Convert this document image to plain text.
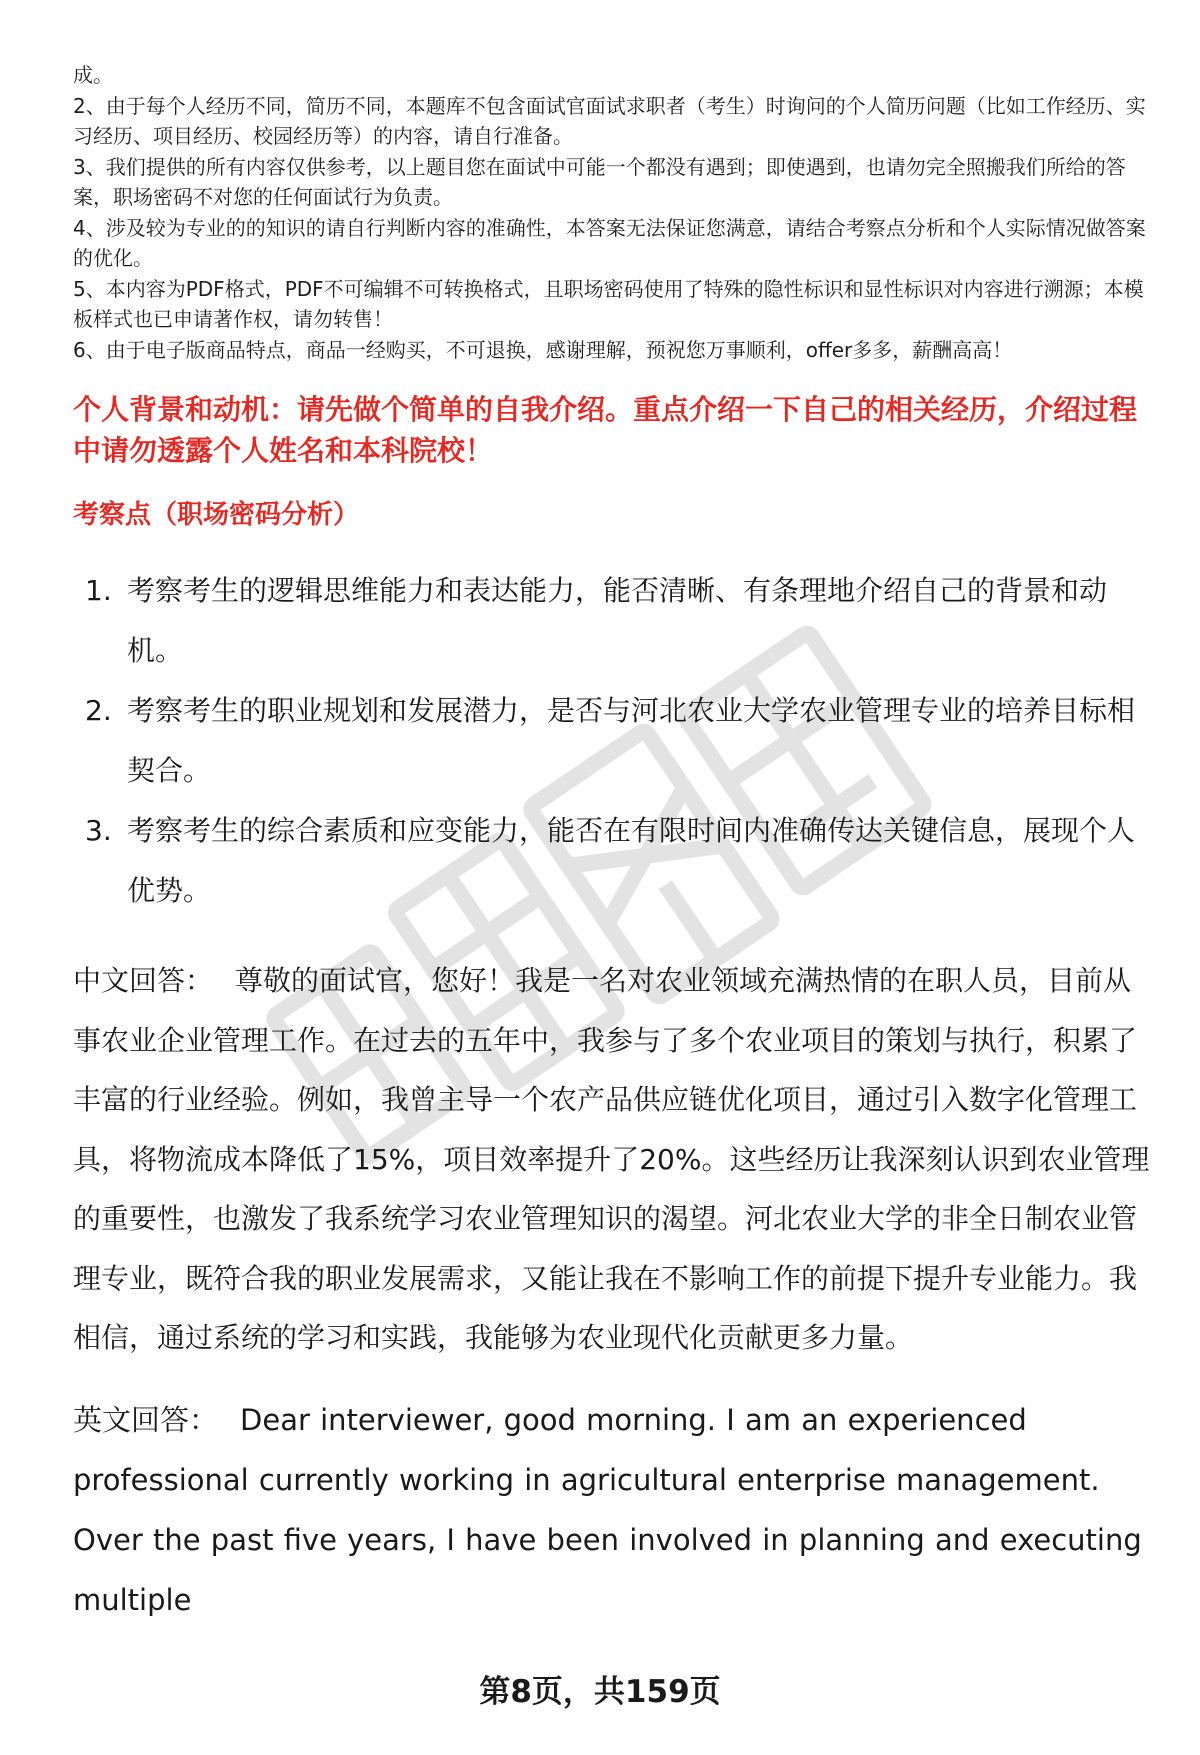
成。

2、由于每个人经历不同，简历不同，本题库不包含面试官面试求职者（考生）时询问的个人简历问题（比如工作经历、实习经历、项目经历、校园经历等）的内容，请自行准备。

3、我们提供的所有内容仅供参考，以上题目您在面试中可能一个都没有遇到；即使遇到，也请勿完全照搬我们所给的答案，职场密码不对您的任何面试行为负责。

4、涉及较为专业的的知识的请自行判断内容的准确性，本答案无法保证您满意，请结合考察点分析和个人实际情况做答案的优化。

5、本内容为PDF格式，PDF不可编辑不可转换格式，且职场密码使用了特殊的隐性标识和显性标识对内容进行溯源；本模板样式也已申请著作权，请勿转售！

6、由于电子版商品特点，商品一经购买，不可退换，感谢理解，预祝您万事顺利，offer多多，薪酬高高！

个人背景和动机：请先做个简单的自我介绍。重点介绍一下自己的相关经历，介绍过程中请勿透露个人姓名和本科院校！
考察点（职场密码分析）
1. 考察考生的逻辑思维能力和表达能力，能否清晰、有条理地介绍自己的背景和动机。
2. 考察考生的职业规划和发展潜力，是否与河北农业大学农业管理专业的培养目标相契合。
3. 考察考生的综合素质和应变能力，能否在有限时间内准确传达关键信息，展现个人优势。
中文回答： 尊敬的面试官，您好！我是一名对农业领域充满热情的在职人员，目前从事农业企业管理工作。在过去的五年中，我参与了多个农业项目的策划与执行，积累了丰富的行业经验。例如，我曾主导一个农产品供应链优化项目，通过引入数字化管理工具，将物流成本降低了15%，项目效率提升了20%。这些经历让我深刻认识到农业管理的重要性，也激发了我系统学习农业管理知识的渴望。河北农业大学的非全日制农业管理专业，既符合我的职业发展需求，又能让我在不影响工作的前提下提升专业能力。我相信，通过系统的学习和实践，我能够为农业现代化贡献更多力量。
英文回答： Dear interviewer, good morning. I am an experienced professional currently working in agricultural enterprise management. Over the past five years, I have been involved in planning and executing multiple
第8页，共159页
